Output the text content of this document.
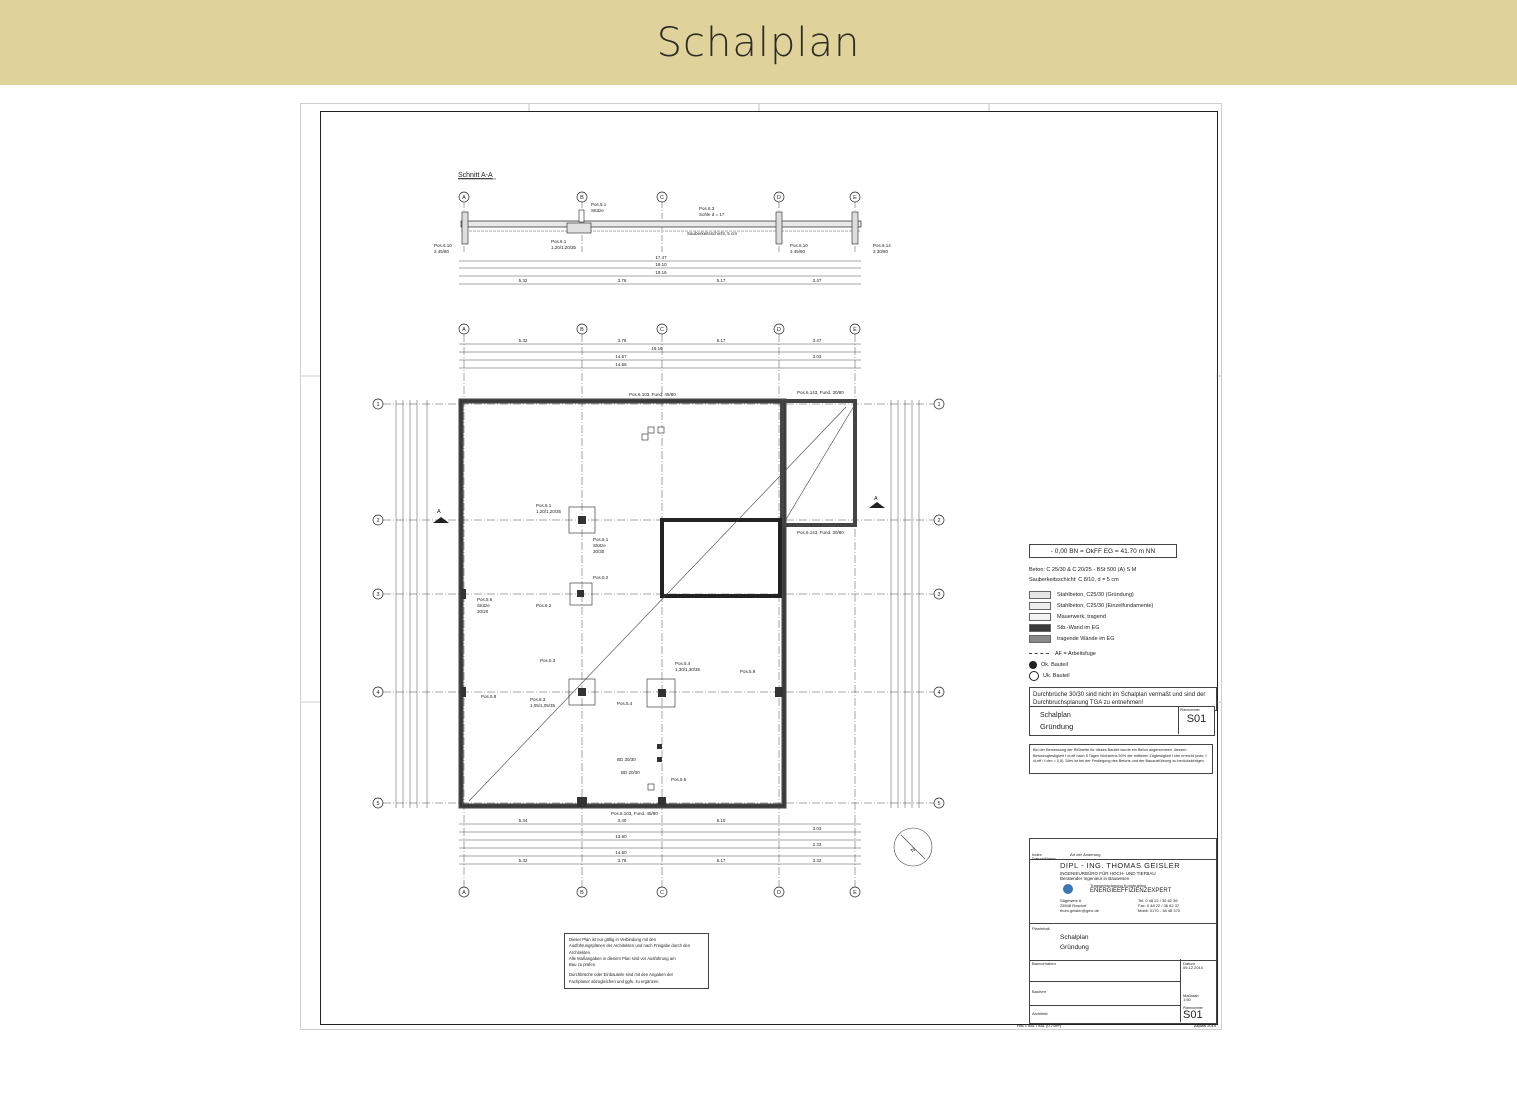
Schalplan
Schnitt A-A
A	B	C	D	E
Pos.5.1
Stütze	Pos.6.3
Sohle d = 17
Sauberkeitsschicht, 5 cm
Pos.6.1
1,20/1,20/35
Pos.6.10
3 45/80
Pos.6.10
3 45/80
Pos.6.14
3 30/80
17.47
18.10
18.16
5.32	3.76	5.17	3.47
A	B	C	D	E
A	B	C	D	E
1
2
3
4
5
1
2
3
4
5
5.32	3.76	5.17	3.47
18.16
14.67
14.66
3.03
5.34	3.40	5.10
3.03
13.60
2.33
14.60
5.32	3.76	5.17	3.32
A
A
Pos.6.103, Fund. 45/80	Pos.6.143, Fund. 30/80
Pos.6.1
1,20/1,20/35
Pos.5.1
Stütze
30/30
Pos.5.2
Pos.6.2
Pos.5.6
Stütze
30/20
Pos.5.3
Pos.5.4
Pos.6.3
1,05/1,05/35
Pos.6.4
1,30/1,30/35
Pos.5.8
Pos.5.9
Pos.5.5
Pos.6.103, Fund. 45/80
Pos.6.143, Fund. 30/80
BD 30/30
BD 20/30
N
- 0,00 BN = OkFF EG = 41.70 m NN
Beton: C 25/30 & C 20/25 - BSt 500 (A) S M
Sauberkeitsschicht: C 8/10, d = 5 cm
Stahlbeton, C25/30 (Gründung)
Stahlbeton, C25/30 (Einzelfundamente)
Mauerwerk, tragend
Stb.-Wand im EG
tragende Wände im EG
AF = Arbeitsfuge
Ok. Bauteil
Uk. Bauteil
Durchbrüche 30/30 sind nicht im Schalplan vermaßt und sind der Durchbruchsplanung TGA zu entnehmen!
Schalplan
Gründung
Plannummer
S01
Bei der Bemessung der Rißbreite für dieses Bauteil wurde ein Beton angenommen, dessen Betonzugfestigkeit f ct,eff nach 5 Tagen höchstens 50% der mittleren Zugfestigkeit f ctm erreicht (max. f ct,eff / f ctm = 0,5). Dies ist bei der Festlegung des Betons und der Bauausführung zu berücksichtigen.
Dieser Plan ist nur gültig in Verbindung mit den
Ausführungsplänen der Architekten und nach Freigabe durch den
Architekten.
Alle Maßangaben in diesem Plan sind vor Ausführung am
Bau zu prüfen.
Durchbrüche oder Einbauteile sind mit den Angaben der
Fachplaner abzugleichen und ggfs. zu ergänzen
Index	Art der Änderung
Datum/Name
DIPL - ING. THOMAS GEISLER
INGENIEURBÜRO FÜR HOCH- UND TIEFBAU
Beratender Ingenieur in Bauwesen
Tragwerksplanung Konstruktion
ENERGIEEFFIZIENZEXPERT
Sägewerk 6
25548 Rosdorf
thom.geisler@gmx.de
Tel. 0 48 22 / 36 62 36
Fax: 0 48 22 / 36 62 37
Mobil: 0170 - 38 48 370
Planinhalt
Schalplan
Gründung
Bauvorhaben
Bauherr
Architekt
Datum
05.12.2014
Maßstab
1:50
Plannummer
S01
H/B = 841 / 841 (0,71m²)	Allplan 2014
